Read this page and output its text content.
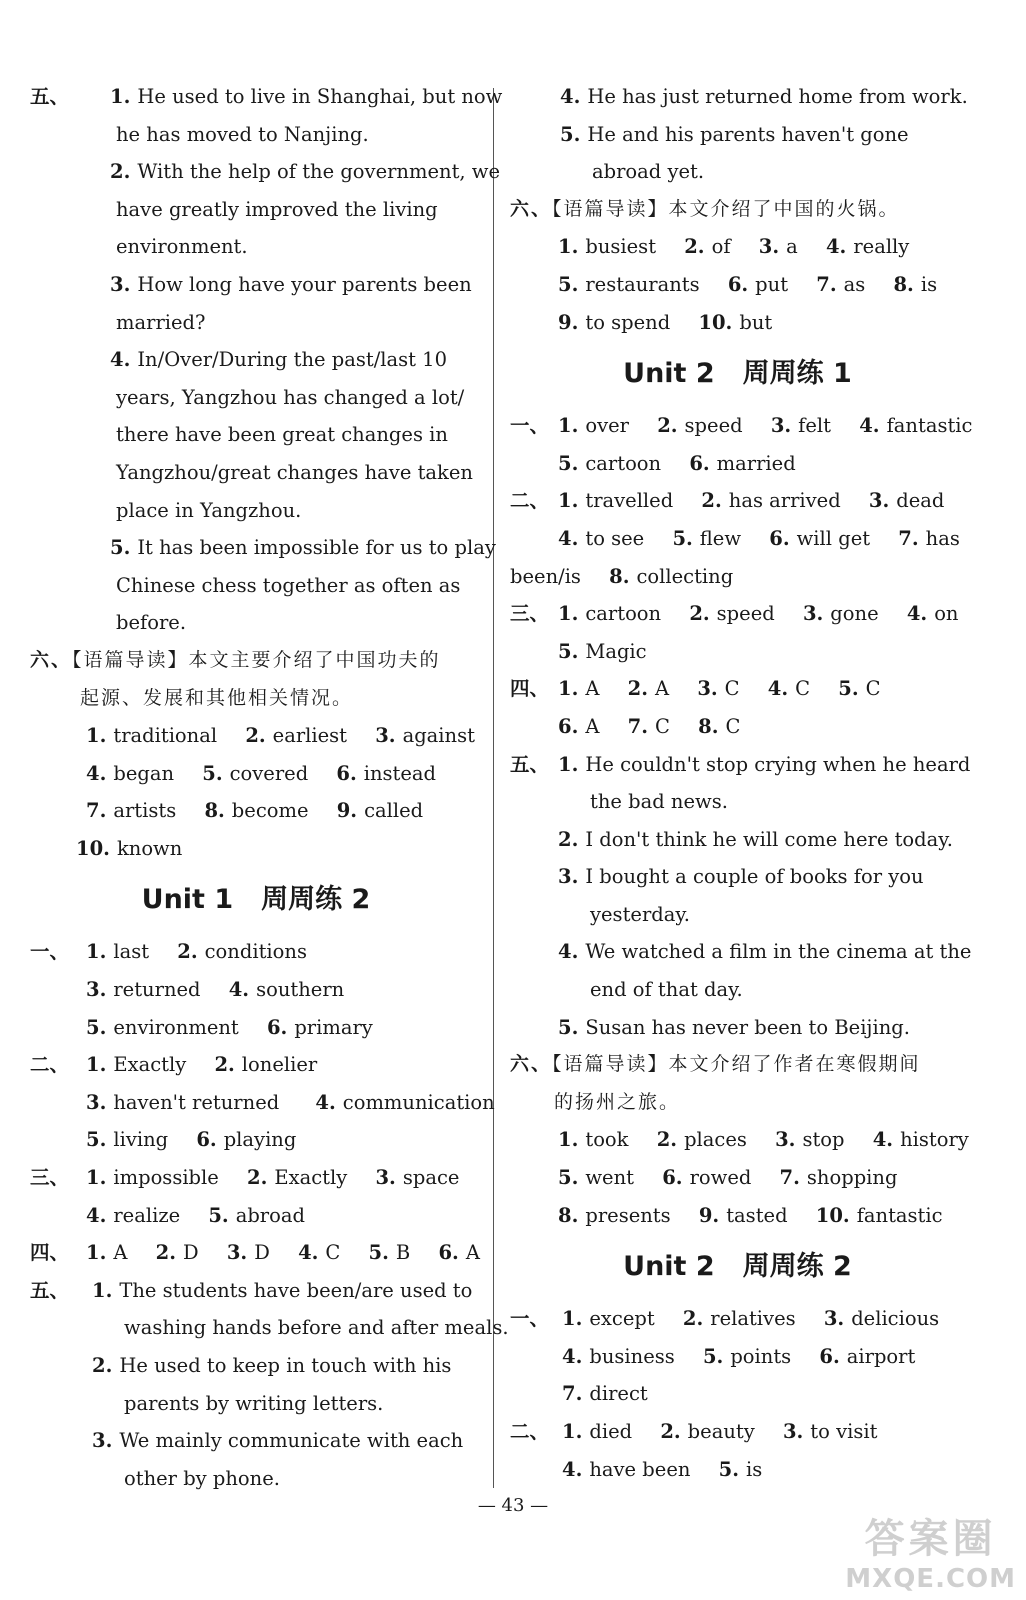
五、 1. He used to live in Shanghai, but now
he has moved to Nanjing.
2. With the help of the government, we
have greatly improved the living
environment.
3. How long have your parents been
married?
4. In/Over/During the past/last 10
years, Yangzhou has changed a lot/
there have been great changes in
Yangzhou/great changes have taken
place in Yangzhou.
5. It has been impossible for us to play
Chinese chess together as often as
before.
六、【语篇导读】本文主要介绍了中国功夫的
起源、发展和其他相关情况。
1. traditional 2. earliest 3. against
4. began 5. covered 6. instead
7. artists 8. become 9. called
10. known
Unit 1 周周练 2
一、 1. last 2. conditions
3. returned 4. southern
5. environment 6. primary
二、 1. Exactly 2. lonelier
3. haven't returned 4. communication
5. living 6. playing
三、 1. impossible 2. Exactly 3. space
4. realize 5. abroad
四、 1. A 2. D 3. D 4. C 5. B 6. A
五、 1. The students have been/are used to
washing hands before and after meals.
2. He used to keep in touch with his
parents by writing letters.
3. We mainly communicate with each
other by phone.
4. He has just returned home from work.
5. He and his parents haven't gone
abroad yet.
六、【语篇导读】本文介绍了中国的火锅。
1. busiest 2. of 3. a 4. really
5. restaurants 6. put 7. as 8. is
9. to spend 10. but
Unit 2 周周练 1
一、 1. over 2. speed 3. felt 4. fantastic
5. cartoon 6. married
二、 1. travelled 2. has arrived 3. dead
4. to see 5. flew 6. will get 7. has
been/is 8. collecting
三、 1. cartoon 2. speed 3. gone 4. on
5. Magic
四、 1. A 2. A 3. C 4. C 5. C
6. A 7. C 8. C
五、 1. He couldn't stop crying when he heard
the bad news.
2. I don't think he will come here today.
3. I bought a couple of books for you
yesterday.
4. We watched a film in the cinema at the
end of that day.
5. Susan has never been to Beijing.
六、【语篇导读】本文介绍了作者在寒假期间
的扬州之旅。
1. took 2. places 3. stop 4. history
5. went 6. rowed 7. shopping
8. presents 9. tasted 10. fantastic
Unit 2 周周练 2
一、 1. except 2. relatives 3. delicious
4. business 5. points 6. airport
7. direct
二、 1. died 2. beauty 3. to visit
4. have been 5. is
— 43 —
答案圈
MXQE.COM
